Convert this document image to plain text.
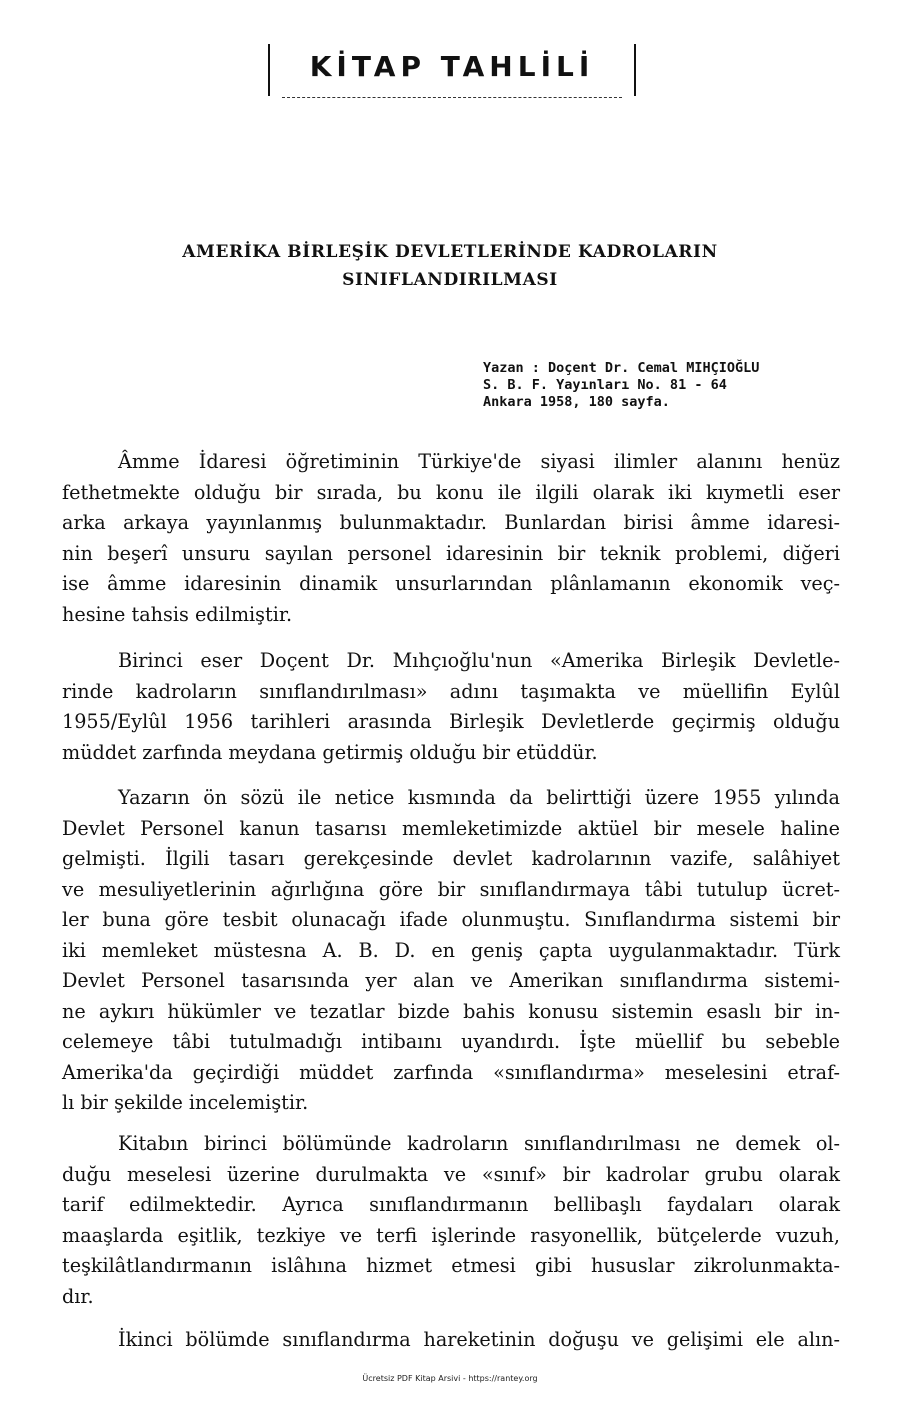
KİTAP TAHLİLİ
AMERİKA BİRLEŞİK DEVLETLERİNDE KADROLARIN
SINIFLANDIRILMASI
Yazan : Doçent Dr. Cemal MIHÇIOĞLU
S. B. F. Yayınları No. 81 - 64
Ankara 1958, 180 sayfa.
Âmme İdaresi öğretiminin Türkiye'de siyasi ilimler alanını henüz
fethetmekte olduğu bir sırada, bu konu ile ilgili olarak iki kıymetli eser
arka arkaya yayınlanmış bulunmaktadır. Bunlardan birisi âmme idaresi-
nin beşerî unsuru sayılan personel idaresinin bir teknik problemi, diğeri
ise âmme idaresinin dinamik unsurlarından plânlamanın ekonomik veç-
hesine tahsis edilmiştir.
Birinci eser Doçent Dr. Mıhçıoğlu'nun «Amerika Birleşik Devletle-
rinde kadroların sınıflandırılması» adını taşımakta ve müellifin Eylûl
1955/Eylûl 1956 tarihleri arasında Birleşik Devletlerde geçirmiş olduğu
müddet zarfında meydana getirmiş olduğu bir etüddür.
Yazarın ön sözü ile netice kısmında da belirttiği üzere 1955 yılında
Devlet Personel kanun tasarısı memleketimizde aktüel bir mesele haline
gelmişti. İlgili tasarı gerekçesinde devlet kadrolarının vazife, salâhiyet
ve mesuliyetlerinin ağırlığına göre bir sınıflandırmaya tâbi tutulup ücret-
ler buna göre tesbit olunacağı ifade olunmuştu. Sınıflandırma sistemi bir
iki memleket müstesna A. B. D. en geniş çapta uygulanmaktadır. Türk
Devlet Personel tasarısında yer alan ve Amerikan sınıflandırma sistemi-
ne aykırı hükümler ve tezatlar bizde bahis konusu sistemin esaslı bir in-
celemeye tâbi tutulmadığı intibaını uyandırdı. İşte müellif bu sebeble
Amerika'da geçirdiği müddet zarfında «sınıflandırma» meselesini etraf-
lı bir şekilde incelemiştir.
Kitabın birinci bölümünde kadroların sınıflandırılması ne demek ol-
duğu meselesi üzerine durulmakta ve «sınıf» bir kadrolar grubu olarak
tarif edilmektedir. Ayrıca sınıflandırmanın bellibaşlı faydaları olarak
maaşlarda eşitlik, tezkiye ve terfi işlerinde rasyonellik, bütçelerde vuzuh,
teşkilâtlandırmanın islâhına hizmet etmesi gibi hususlar zikrolunmakta-
dır.
İkinci bölümde sınıflandırma hareketinin doğuşu ve gelişimi ele alın-
Ücretsiz PDF Kitap Arsivi - https://rantey.org
